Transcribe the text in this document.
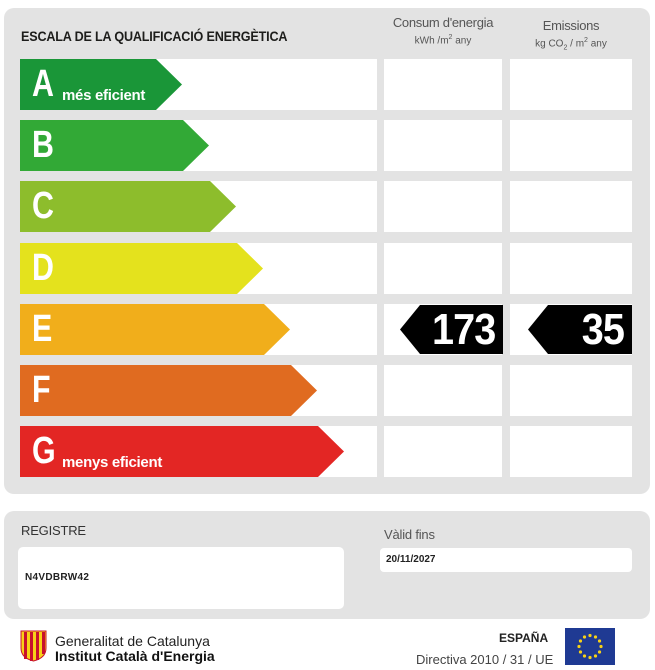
ESCALA DE LA QUALIFICACIÓ ENERGÈTICA
Consum d'energia
kWh $/m^2$ any
Emissions
kg $CO_2 / m^2$ any
A més eficient
B
C
D
E	173 35
F
G menys eficient
REGISTRE
N4VDBRW42
Vàlid fins
20/11/2027
Generalitat de Catalunya
Institut Català d'Energia
ESPAÑA
Directiva 2010 / 31 / UE
